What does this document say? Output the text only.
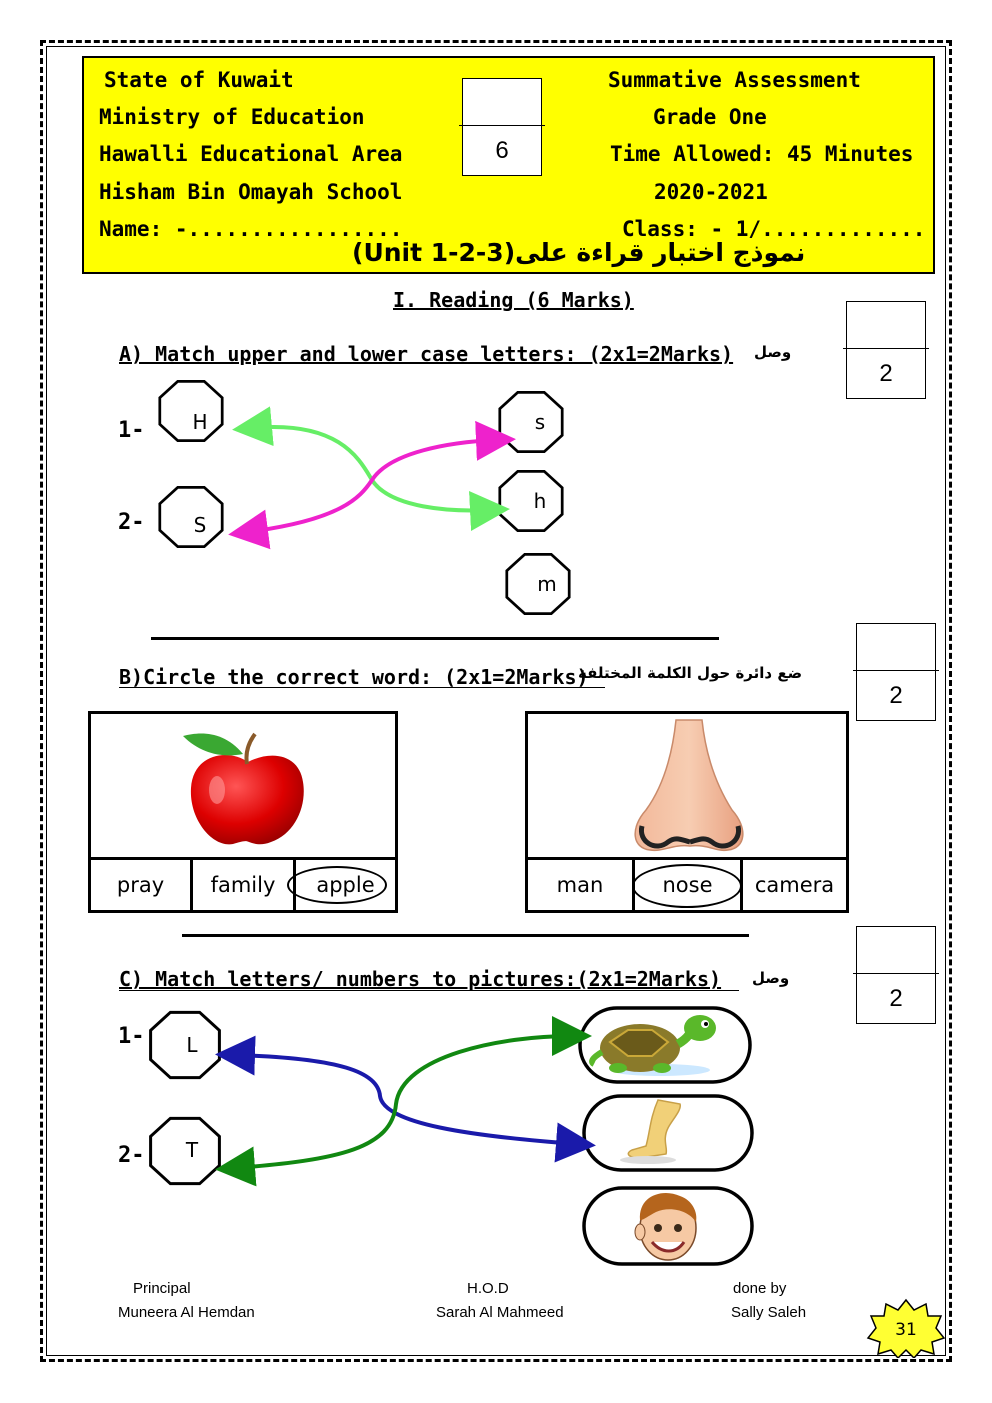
State of Kuwait
Ministry of Education
Hawalli Educational Area
Hisham Bin Omayah School
Name: -.................
Summative Assessment
Grade One
Time Allowed: 45 Minutes
2020-2021
Class: - 1/.............
6
نموذج اختبار قراءة على(Unit 1-2-3)
I. Reading (6 Marks)
A) Match upper and lower case letters: (2x1=2Marks) وصل
2
1-
2-
H
S
s
h
m
B)Circle the correct word: (2x1=2Marks)
ضع دائرة حول الكلمة المختلفة
2
pray	family	apple	man	nose	camera
C) Match letters/ numbers to pictures:(2x1=2Marks) وصل
2
1-
2-
L
T
Principal
Muneera Al Hemdan
H.O.D
Sarah Al Mahmeed
done by
Sally Saleh
31
